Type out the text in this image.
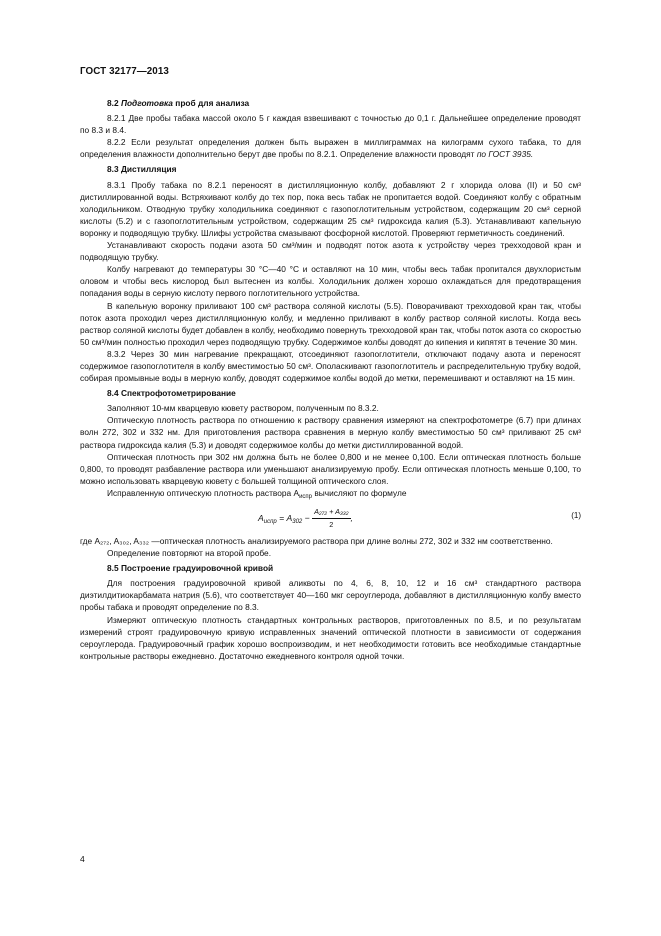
ГОСТ 32177—2013

8.2 Подготовка проб для анализа

8.2.1 Две пробы табака массой около 5 г каждая взвешивают с точностью до 0,1 г. Дальнейшее определение проводят по 8.3 и 8.4.

8.2.2 Если результат определения должен быть выражен в миллиграммах на килограмм сухого табака, то для определения влажности дополнительно берут две пробы по 8.2.1. Определение влажности проводят по ГОСТ 3935.

8.3 Дистилляция

8.3.1 Пробу табака по 8.2.1 переносят в дистилляционную колбу, добавляют 2 г хлорида олова (II) и 50 см³ дистиллированной воды. Встряхивают колбу до тех пор, пока весь табак не пропитается водой. Соединяют колбу с обратным холодильником. Отводную трубку холодильника соединяют с газопоглотительным устройством, содержащим 20 см³ серной кислоты (5.2) и с газопоглотительным устройством, содержащим 25 см³ гидроксида калия (5.3). Устанавливают капельную воронку и подводящую трубку. Шлифы устройства смазывают фосфорной кислотой. Проверяют герметичность соединений.

Устанавливают скорость подачи азота 50 см³/мин и подводят поток азота к устройству через трехходовой кран и подводящую трубку.

Колбу нагревают до температуры 30 °С—40 °С и оставляют на 10 мин, чтобы весь табак пропитался двухлористым оловом и чтобы весь кислород был вытеснен из колбы. Холодильник должен хорошо охлаждаться для предотвращения попадания воды в серную кислоту первого поглотительного устройства.

В капельную воронку приливают 100 см³ раствора соляной кислоты (5.5). Поворачивают трехходовой кран так, чтобы поток азота проходил через дистилляционную колбу, и медленно приливают в колбу раствор соляной кислоты. Когда весь раствор соляной кислоты будет добавлен в колбу, необходимо повернуть трехходовой кран так, чтобы поток азота со скоростью 50 см³/мин полностью проходил через подводящую трубку. Содержимое колбы доводят до кипения и кипятят в течение 30 мин.

8.3.2 Через 30 мин нагревание прекращают, отсоединяют газопоглотители, отключают подачу азота и переносят содержимое газопоглотителя в колбу вместимостью 50 см³. Ополаскивают газопоглотитель и распределительную трубку водой, собирая промывные воды в мерную колбу, доводят содержимое колбы водой до метки, перемешивают и оставляют на 15 мин.

8.4 Спектрофотометрирование

Заполняют 10-мм кварцевую кювету раствором, полученным по 8.3.2.

Оптическую плотность раствора по отношению к раствору сравнения измеряют на спектрофотометре (6.7) при длинах волн 272, 302 и 332 нм. Для приготовления раствора сравнения в мерную колбу вместимостью 50 см³ приливают 25 см³ раствора гидроксида калия (5.3) и доводят содержимое колбы до метки дистиллированной водой.

Оптическая плотность при 302 нм должна быть не более 0,800 и не менее 0,100. Если оптическая плотность больше 0,800, то проводят разбавление раствора или уменьшают анализируемую пробу. Если оптическая плотность меньше 0,100, то можно использовать кварцевую кювету с большей толщиной оптического слоя.

Исправленную оптическую плотность раствора $A_{испр}$ вычисляют по формуле

$A_{испр} = A_{302} - \frac{\text{A₂₇₂ + A₃₃₂}}{2}$ ,	(1)
где A₂₇₂, A₃₀₂, A₃₃₂ — оптическая плотность анализируемого раствора при длине волны 272, 302 и 332 нм соответственно.

Определение повторяют на второй пробе.

8.5 Построение градуировочной кривой

Для построения градуировочной кривой аликвоты по 4, 6, 8, 10, 12 и 16 см³ стандартного раствора диэтилдитиокарбамата натрия (5.6), что соответствует 40—160 мкг сероуглерода, добавляют в дистилляционную колбу вместо пробы табака и проводят определение по 8.3.

Измеряют оптическую плотность стандартных контрольных растворов, приготовленных по 8.5, и по результатам измерений строят градуировочную кривую исправленных значений оптической плотности в зависимости от содержания сероуглерода. Градуировочный график хорошо воспроизводим, и нет необходимости готовить все необходимые стандартные контрольные растворы ежедневно. Достаточно ежедневного контроля одной точки.

4
